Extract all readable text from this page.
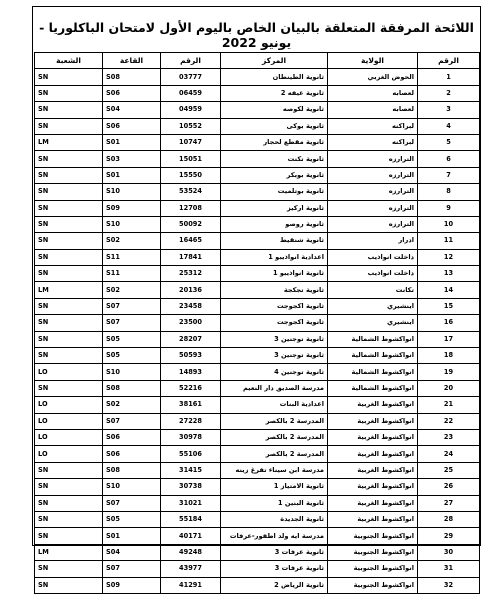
اللائحة المرفقة المتعلقة بالبيان الخاص باليوم الأول لامتحان الباكلوريا - يونيو 2022
الرقم	الولاية	المركز	الرقم	القاعة	الشعبة
1	الحوض الغربي	ثانوية الطينطان	03777	S08	SN
2	لعصابه	ثانوية عيفه 2	06459	S06	SN
3	لعصابه	ثانوية لكوصه	04959	S04	SN
4	لبراكنه	ثانوية بوكى	10552	S06	SN
5	لبراكنه	ثانوية مقطع لحجار	10747	S01	LM
6	الترارزه	ثانوية تكنت	15051	S03	SN
7	الترارزه	ثانوية بوبكر	15550	S01	SN
8	الترارزه	ثانوية بوتلميت	53524	S10	SN
9	الترارزه	ثانوية اركيز	12708	S09	SN
10	الترارزه	ثانوية روصو	50092	S10	SN
11	ادرار	ثانوية شنقيط	16465	S02	SN
12	داخلت انواذيب	اعدادية انواذيبو 1	17841	S11	SN
13	داخلت انواذيب	ثانوية انواذيبو 1	25312	S11	SN
14	تكانت	ثانوية تجكجة	20136	S02	LM
15	اينشيري	ثانوية اكجوجت	23458	S07	SN
16	اينشيري	ثانوية اكجوجت	23500	S07	SN
17	انواكشوط الشمالية	ثانوية توجنين 3	28207	S05	SN
18	انواكشوط الشمالية	ثانوية توجنين 3	50593	S05	SN
19	انواكشوط الشمالية	ثانوية توجنين 4	14893	S10	LO
20	انواكشوط الشمالية	مدرسة الصديق دار النعيم	52216	S08	SN
21	انواكشوط الغربية	اعدادية البنات	38161	S02	LO
22	انواكشوط الغربية	المدرسة 2 بالكصر	27228	S07	LO
23	انواكشوط الغربية	المدرسة 2 بالكصر	30978	S06	LO
24	انواكشوط الغربية	المدرسة 2 بالكصر	55106	S06	LO
25	انواكشوط الغربية	مدرسة ابن سيناء تفرغ زينه	31415	S08	SN
26	انواكشوط الغربية	ثانوية الامتياز 1	30738	S10	SN
27	انواكشوط الغربية	ثانوية البنين 1	31021	S07	SN
28	انواكشوط الغربية	ثانوية الجديدة	55184	S05	SN
29	انواكشوط الجنوبية	مدرسة ايه ولد اطفور-عرفات	40171	S01	SN
30	انواكشوط الجنوبية	ثانوية عرفات 3	49248	S04	LM
31	انواكشوط الجنوبية	ثانوية عرفات 3	43977	S07	SN
32	انواكشوط الجنوبية	ثانوية الرياض 2	41291	S09	SN
